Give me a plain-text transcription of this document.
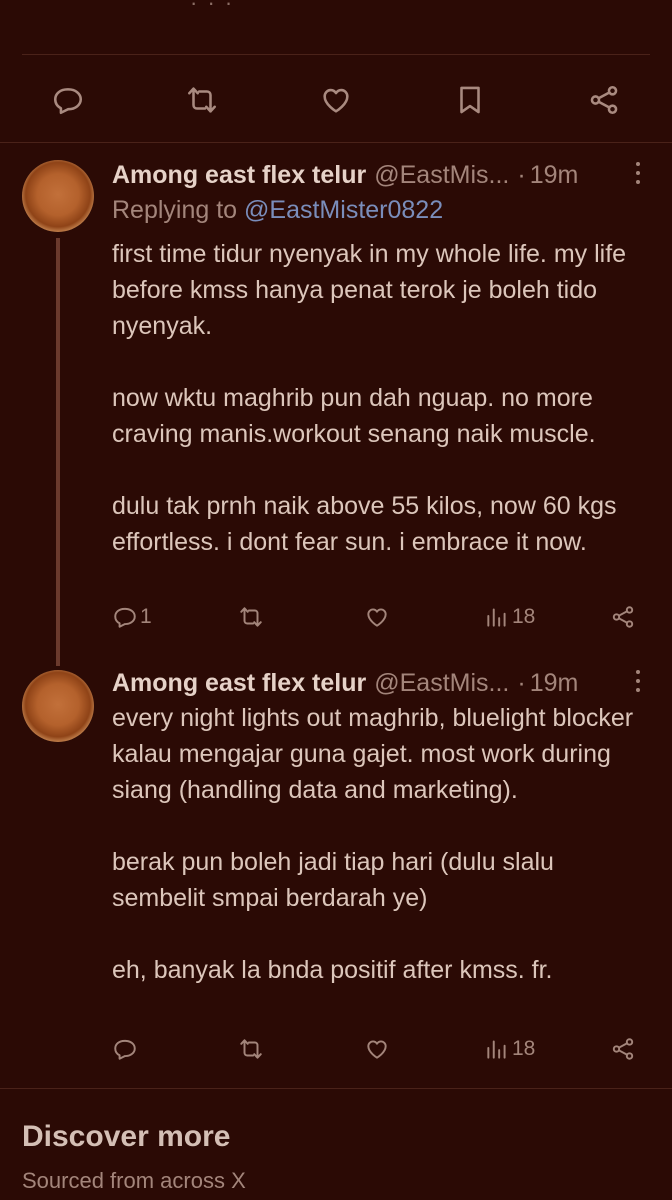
· · ·
Among east flex telur @EastMis... · 19m
Replying to @EastMister0822

first time tidur nyenyak in my whole life. my life before kmss hanya penat terok je boleh tido nyenyak.

now wktu maghrib pun dah nguap. no more craving manis.workout senang naik muscle.

dulu tak prnh naik above 55 kilos, now 60 kgs effortless. i dont fear sun. i embrace it now.

1	18
Among east flex telur @EastMis... · 19m

every night lights out maghrib, bluelight blocker kalau mengajar guna gajet. most work during siang (handling data and marketing).

berak pun boleh jadi tiap hari (dulu slalu sembelit smpai berdarah ye)

eh, banyak la bnda positif after kmss. fr.

18
Discover more
Sourced from across X
